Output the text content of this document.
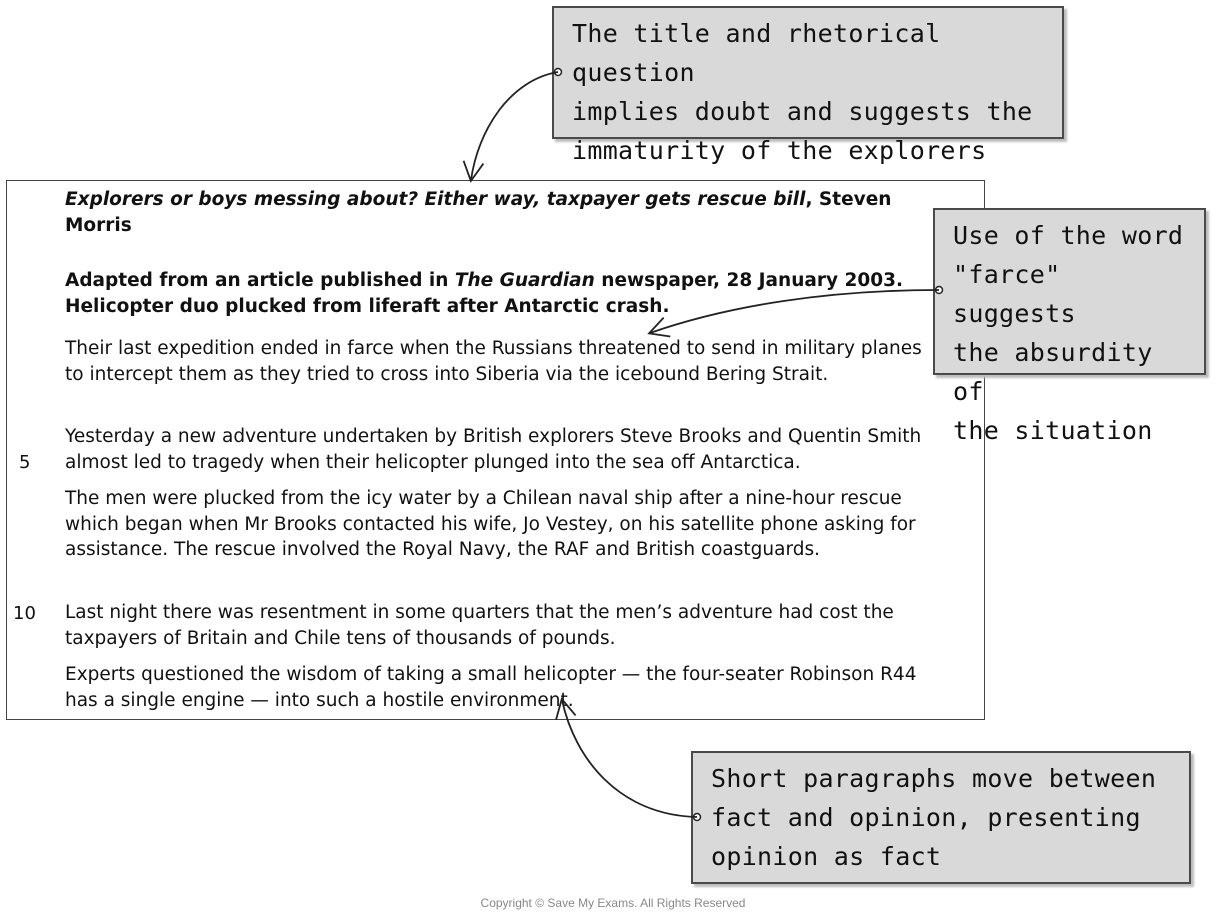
Explorers or boys messing about? Either way, taxpayer gets rescue bill, Steven Morris

Adapted from an article published in The Guardian newspaper, 28 January 2003. Helicopter duo plucked from liferaft after Antarctic crash.

Their last expedition ended in farce when the Russians threatened to send in military planes to intercept them as they tried to cross into Siberia via the icebound Bering Strait.

Yesterday a new adventure undertaken by British explorers Steve Brooks and Quentin Smith almost led to tragedy when their helicopter plunged into the sea off Antarctica.

The men were plucked from the icy water by a Chilean naval ship after a nine-hour rescue which began when Mr Brooks contacted his wife, Jo Vestey, on his satellite phone asking for assistance. The rescue involved the Royal Navy, the RAF and British coastguards.

Last night there was resentment in some quarters that the men’s adventure had cost the taxpayers of Britain and Chile tens of thousands of pounds.

Experts questioned the wisdom of taking a small helicopter — the four-seater Robinson R44 has a single engine — into such a hostile environment.

5
10
The title and rhetorical question
implies doubt and suggests the
immaturity of the explorers
Use of the word
"farce" suggests
the absurdity of
the situation
Short paragraphs move between
fact and opinion, presenting
opinion as fact
Copyright © Save My Exams. All Rights Reserved
